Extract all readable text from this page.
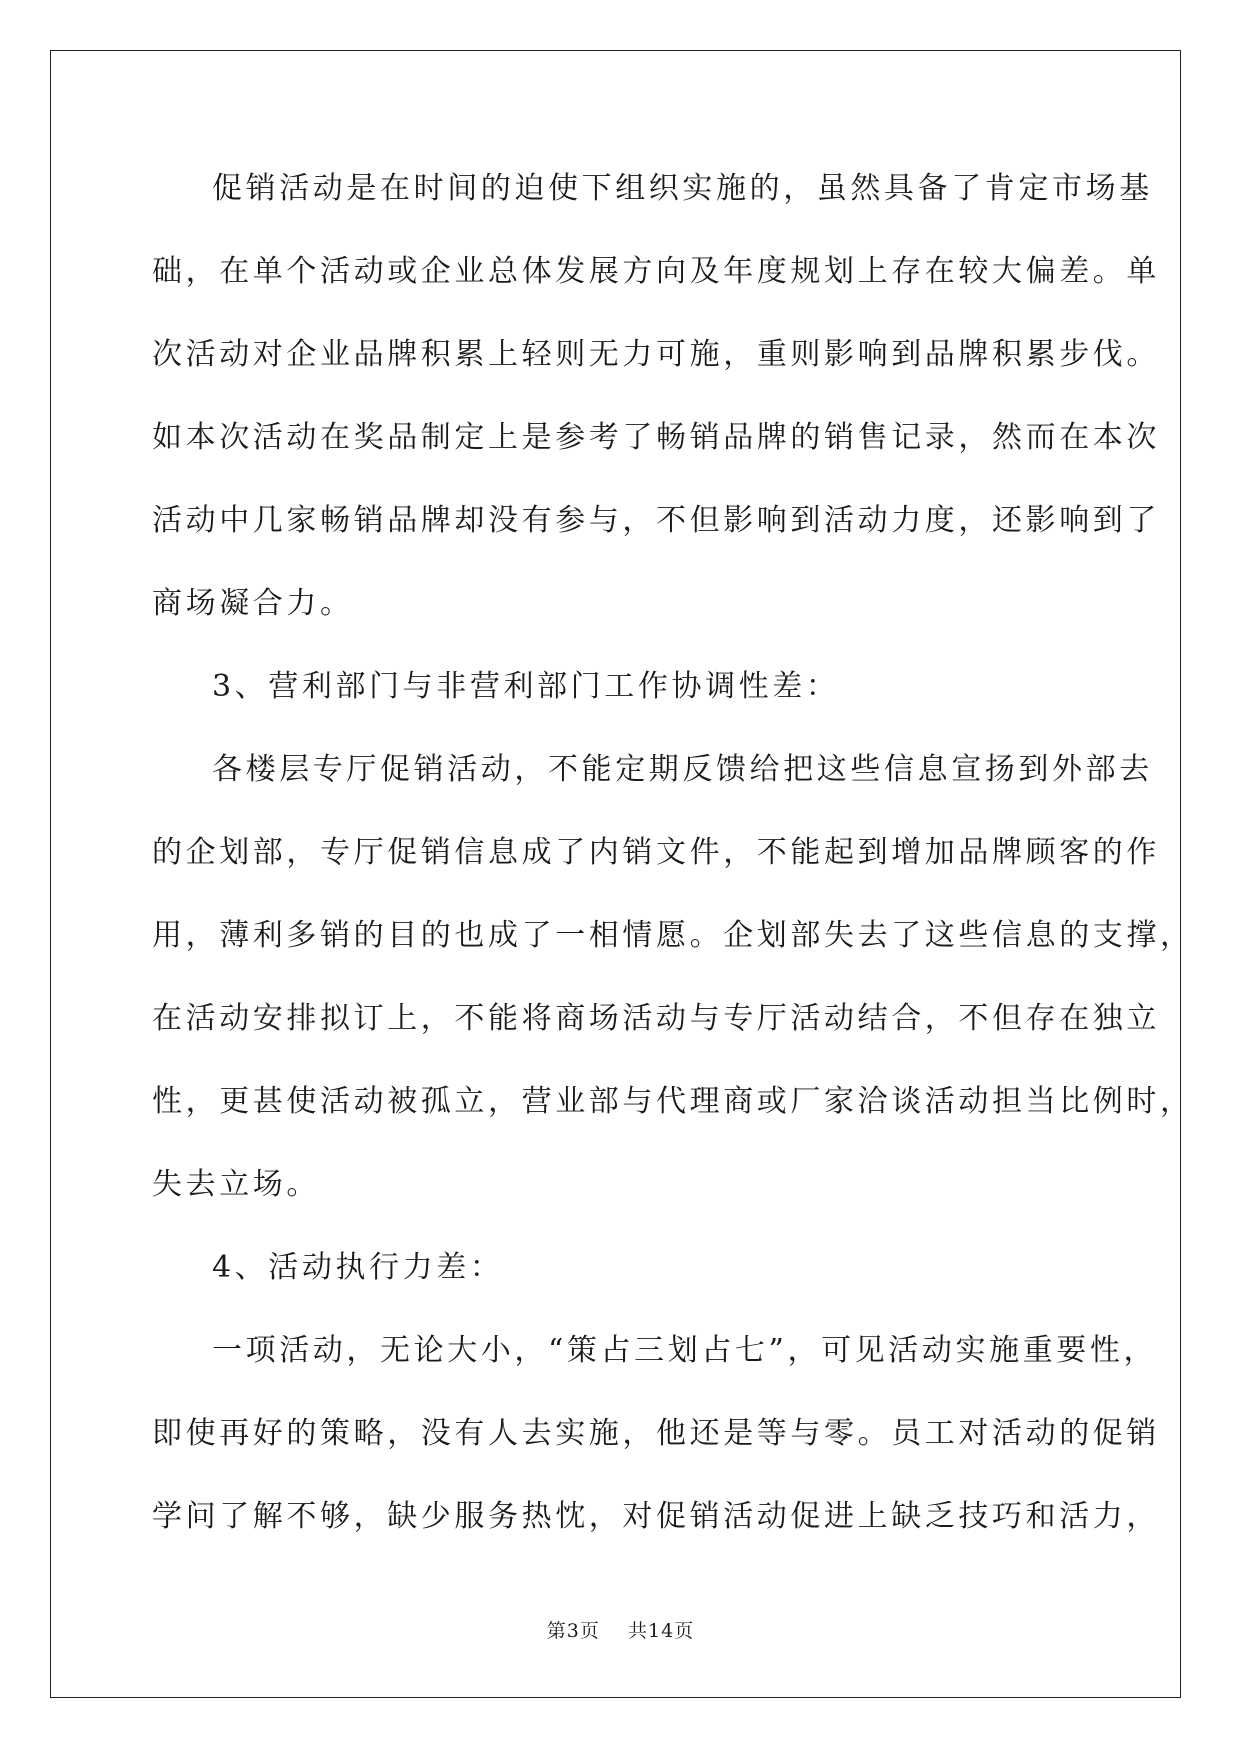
促销活动是在时间的迫使下组织实施的，虽然具备了肯定市场基
础，在单个活动或企业总体发展方向及年度规划上存在较大偏差。单
次活动对企业品牌积累上轻则无力可施，重则影响到品牌积累步伐。
如本次活动在奖品制定上是参考了畅销品牌的销售记录，然而在本次
活动中几家畅销品牌却没有参与，不但影响到活动力度，还影响到了
商场凝合力。
3、营利部门与非营利部门工作协调性差：
各楼层专厅促销活动，不能定期反馈给把这些信息宣扬到外部去
的企划部，专厅促销信息成了内销文件，不能起到增加品牌顾客的作
用，薄利多销的目的也成了一相情愿。企划部失去了这些信息的支撑，
在活动安排拟订上，不能将商场活动与专厅活动结合，不但存在独立
性，更甚使活动被孤立，营业部与代理商或厂家洽谈活动担当比例时，
失去立场。
4、活动执行力差：
一项活动，无论大小，“策占三划占七”，可见活动实施重要性，
即使再好的策略，没有人去实施，他还是等与零。员工对活动的促销
学问了解不够，缺少服务热忱，对促销活动促进上缺乏技巧和活力，
第3页    共14页
